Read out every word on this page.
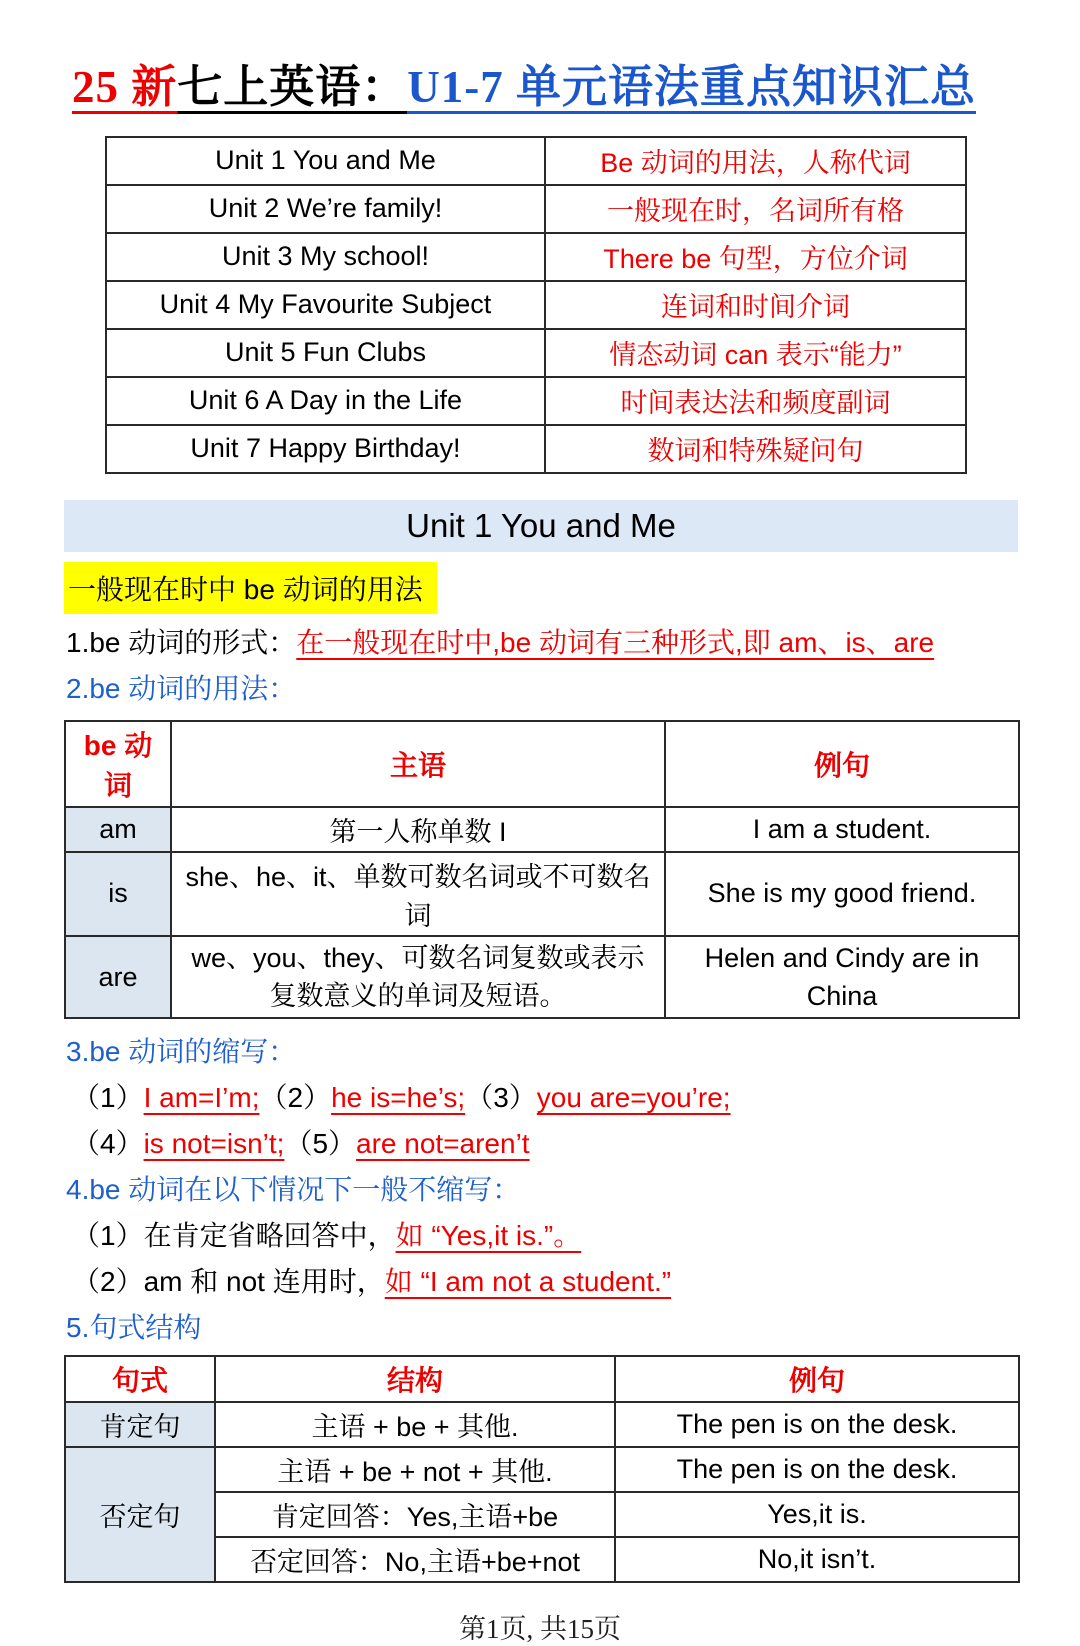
25 新七上英语：U1-7 单元语法重点知识汇总
Unit 1 You and Me	Be 动词的用法，人称代词
Unit 2 We’re family!	一般现在时，名词所有格
Unit 3 My school!	There be 句型，方位介词
Unit 4 My Favourite Subject	连词和时间介词
Unit 5 Fun Clubs	情态动词 can 表示“能力”
Unit 6 A Day in the Life	时间表达法和频度副词
Unit 7 Happy Birthday!	数词和特殊疑问句
Unit 1 You and Me
一般现在时中 be 动词的用法
1.be 动词的形式：在一般现在时中,be 动词有三种形式,即 am、is、are
2.be 动词的用法：
be 动词	主语	例句
am	第一人称单数 I	I am a student.
is	she、he、it、单数可数名词或不可数名词	She is my good friend.
are	we、you、they、可数名词复数或表示复数意义的单词及短语。	Helen and Cindy are in China
3.be 动词的缩写：
（1）I am=I’m;（2）he is=he’s;（3）you are=you’re;
（4）is not=isn’t;（5）are not=aren’t
4.be 动词在以下情况下一般不缩写：
（1）在肯定省略回答中，如 “Yes,it is.”。
（2）am 和 not 连用时，如 “I am not a student.”
5.句式结构
句式	结构	例句
肯定句	主语 + be + 其他.	The pen is on the desk.
否定句	主语 + be + not + 其他.	The pen is on the desk.
	肯定回答：Yes,主语+be	Yes,it is.
	否定回答：No,主语+be+not	No,it isn’t.
第1页, 共15页
